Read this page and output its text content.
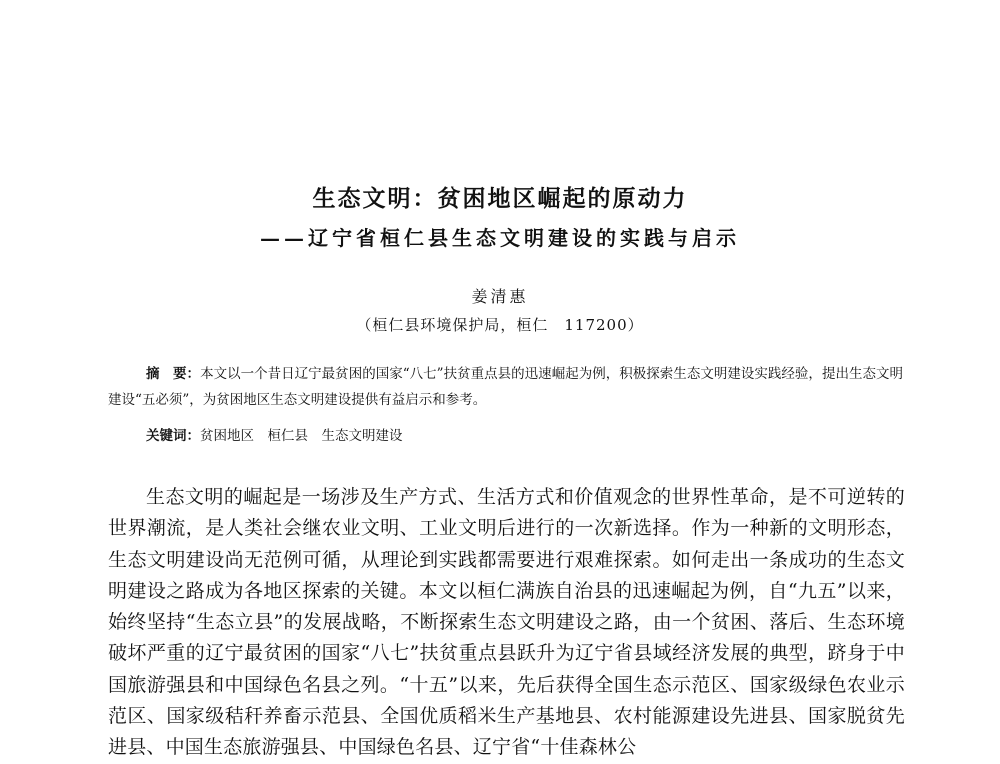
生态文明：贫困地区崛起的原动力
——辽宁省桓仁县生态文明建设的实践与启示
姜清惠
（桓仁县环境保护局，桓仁　117200）

摘　要：本文以一个昔日辽宁最贫困的国家“八七”扶贫重点县的迅速崛起为例，积极探索生态文明建设实践经验，提出生态文明建设“五必须”，为贫困地区生态文明建设提供有益启示和参考。

关键词：贫困地区　桓仁县　生态文明建设

生态文明的崛起是一场涉及生产方式、生活方式和价值观念的世界性革命，是不可逆转的世界潮流，是人类社会继农业文明、工业文明后进行的一次新选择。作为一种新的文明形态，生态文明建设尚无范例可循，从理论到实践都需要进行艰难探索。如何走出一条成功的生态文明建设之路成为各地区探索的关键。本文以桓仁满族自治县的迅速崛起为例，自“九五”以来，始终坚持“生态立县”的发展战略，不断探索生态文明建设之路，由一个贫困、落后、生态环境破坏严重的辽宁最贫困的国家“八七”扶贫重点县跃升为辽宁省县域经济发展的典型，跻身于中国旅游强县和中国绿色名县之列。“十五”以来，先后获得全国生态示范区、国家级绿色农业示范区、国家级秸秆养畜示范县、全国优质稻米生产基地县、农村能源建设先进县、国家脱贫先进县、中国生态旅游强县、中国绿色名县、辽宁省“十佳森林公
